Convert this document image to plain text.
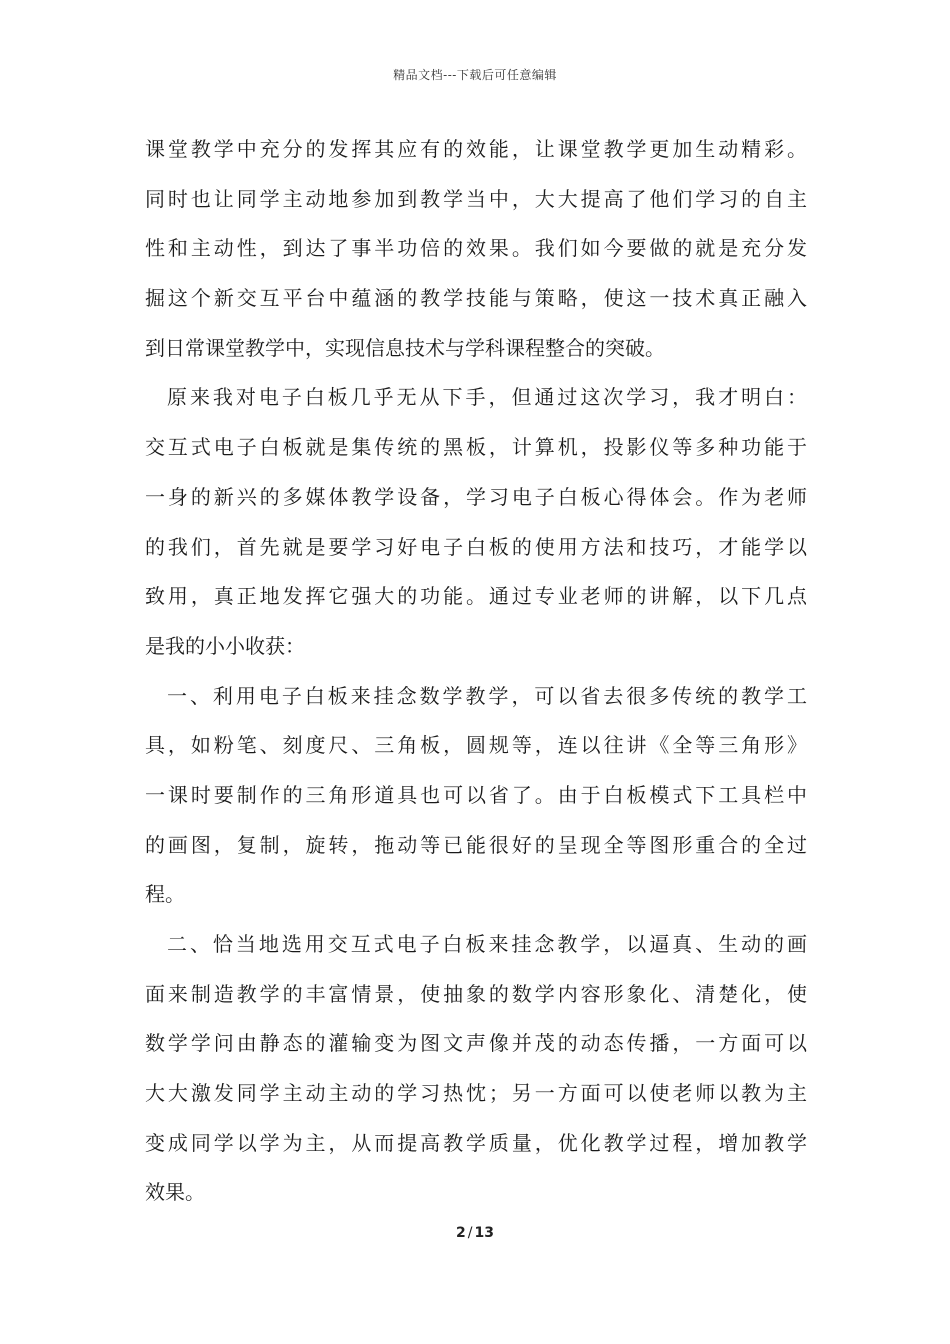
精品文档---下载后可任意编辑
课堂教学中充分的发挥其应有的效能，让课堂教学更加生动精彩。
同时也让同学主动地参加到教学当中，大大提高了他们学习的自主
性和主动性，到达了事半功倍的效果。我们如今要做的就是充分发
掘这个新交互平台中蕴涵的教学技能与策略，使这一技术真正融入
到日常课堂教学中，实现信息技术与学科课程整合的突破。
原来我对电子白板几乎无从下手，但通过这次学习，我才明白：
交互式电子白板就是集传统的黑板，计算机，投影仪等多种功能于
一身的新兴的多媒体教学设备，学习电子白板心得体会。作为老师
的我们，首先就是要学习好电子白板的使用方法和技巧，才能学以
致用，真正地发挥它强大的功能。通过专业老师的讲解，以下几点
是我的小小收获：
一、利用电子白板来挂念数学教学，可以省去很多传统的教学工
具，如粉笔、刻度尺、三角板，圆规等，连以往讲《全等三角形》
一课时要制作的三角形道具也可以省了。由于白板模式下工具栏中
的画图，复制，旋转，拖动等已能很好的呈现全等图形重合的全过
程。
二、恰当地选用交互式电子白板来挂念教学，以逼真、生动的画
面来制造教学的丰富情景，使抽象的数学内容形象化、清楚化，使
数学学问由静态的灌输变为图文声像并茂的动态传播，一方面可以
大大激发同学主动主动的学习热忱；另一方面可以使老师以教为主
变成同学以学为主，从而提高教学质量，优化教学过程，增加教学
效果。
2 / 13
